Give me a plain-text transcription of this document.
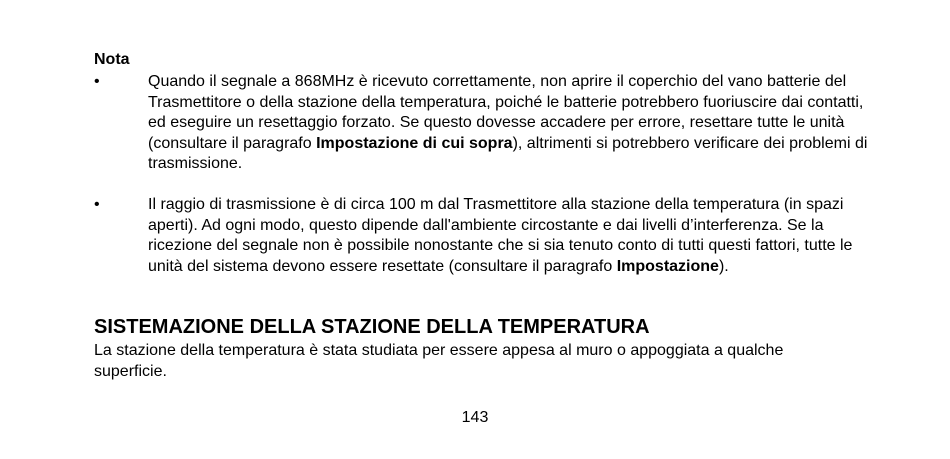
Nota
•	Quando il segnale a 868MHz è ricevuto correttamente, non aprire il coperchio del vano batterie del Trasmettitore o della stazione della temperatura, poiché le batterie potrebbero fuoriuscire dai contatti, ed eseguire un resettaggio forzato. Se questo dovesse accadere per errore, resettare tutte le unità (consultare il paragrafo Impostazione di cui sopra), altrimenti si potrebbero verificare dei problemi di trasmissione.
•	Il raggio di trasmissione è di circa 100 m dal Trasmettitore alla stazione della temperatura (in spazi aperti). Ad ogni modo, questo dipende dall'ambiente circostante e dai livelli d’interferenza. Se la ricezione del segnale non è possibile nonostante che si sia tenuto conto di tutti questi fattori, tutte le unità del sistema devono essere resettate (consultare il paragrafo Impostazione).
SISTEMAZIONE DELLA STAZIONE DELLA TEMPERATURA
La stazione della temperatura è stata studiata per essere appesa al muro o appoggiata a qualche superficie.
143
